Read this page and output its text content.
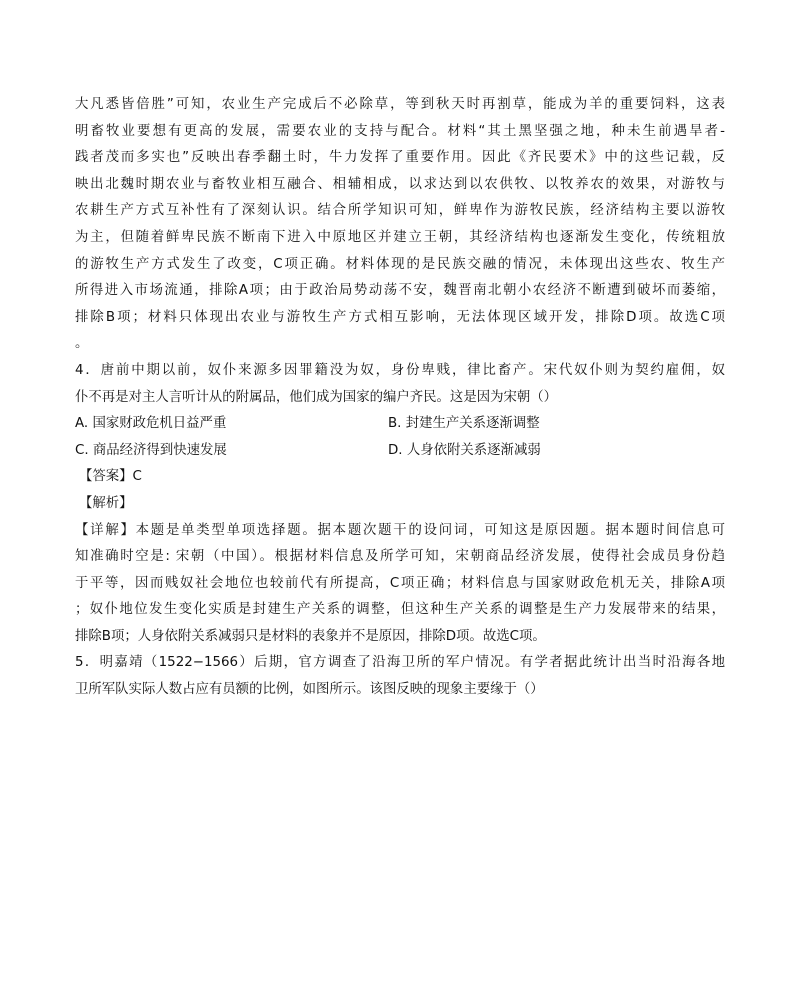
大凡悉皆倍胜”可知，农业生产完成后不必除草，等到秋天时再割草，能成为羊的重要饲料，这表
明畜牧业要想有更高的发展，需要农业的支持与配合。材料“其土黑坚强之地，种未生前遇旱者-
践者茂而多实也”反映出春季翻土时，牛力发挥了重要作用。因此《齐民要术》中的这些记载，反
映出北魏时期农业与畜牧业相互融合、相辅相成，以求达到以农供牧、以牧养农的效果，对游牧与
农耕生产方式互补性有了深刻认识。结合所学知识可知，鲜卑作为游牧民族，经济结构主要以游牧
为主，但随着鲜卑民族不断南下进入中原地区并建立王朝，其经济结构也逐渐发生变化，传统粗放
的游牧生产方式发生了改变，C项正确。材料体现的是民族交融的情况，未体现出这些农、牧生产
所得进入市场流通，排除A项；由于政治局势动荡不安，魏晋南北朝小农经济不断遭到破坏而萎缩，
排除B项；材料只体现出农业与游牧生产方式相互影响，无法体现区域开发，排除D项。故选C项
。
4．唐前中期以前，奴仆来源多因罪籍没为奴，身份卑贱，律比畜产。宋代奴仆则为契约雇佣，奴
仆不再是对主人言听计从的附属品，他们成为国家的编户齐民。这是因为宋朝（）
A. 国家财政危机日益严重	B. 封建生产关系逐渐调整
C. 商品经济得到快速发展	D. 人身依附关系逐渐减弱
【答案】C
【解析】
【详解】本题是单类型单项选择题。据本题次题干的设问词，可知这是原因题。据本题时间信息可
知准确时空是: 宋朝（中国）。根据材料信息及所学可知，宋朝商品经济发展，使得社会成员身份趋
于平等，因而贱奴社会地位也较前代有所提高，C项正确；材料信息与国家财政危机无关，排除A项
；奴仆地位发生变化实质是封建生产关系的调整，但这种生产关系的调整是生产力发展带来的结果，
排除B项；人身依附关系减弱只是材料的表象并不是原因，排除D项。故选C项。
5．明嘉靖（1522−1566）后期，官方调查了沿海卫所的军户情况。有学者据此统计出当时沿海各地
卫所军队实际人数占应有员额的比例，如图所示。该图反映的现象主要缘于（）
